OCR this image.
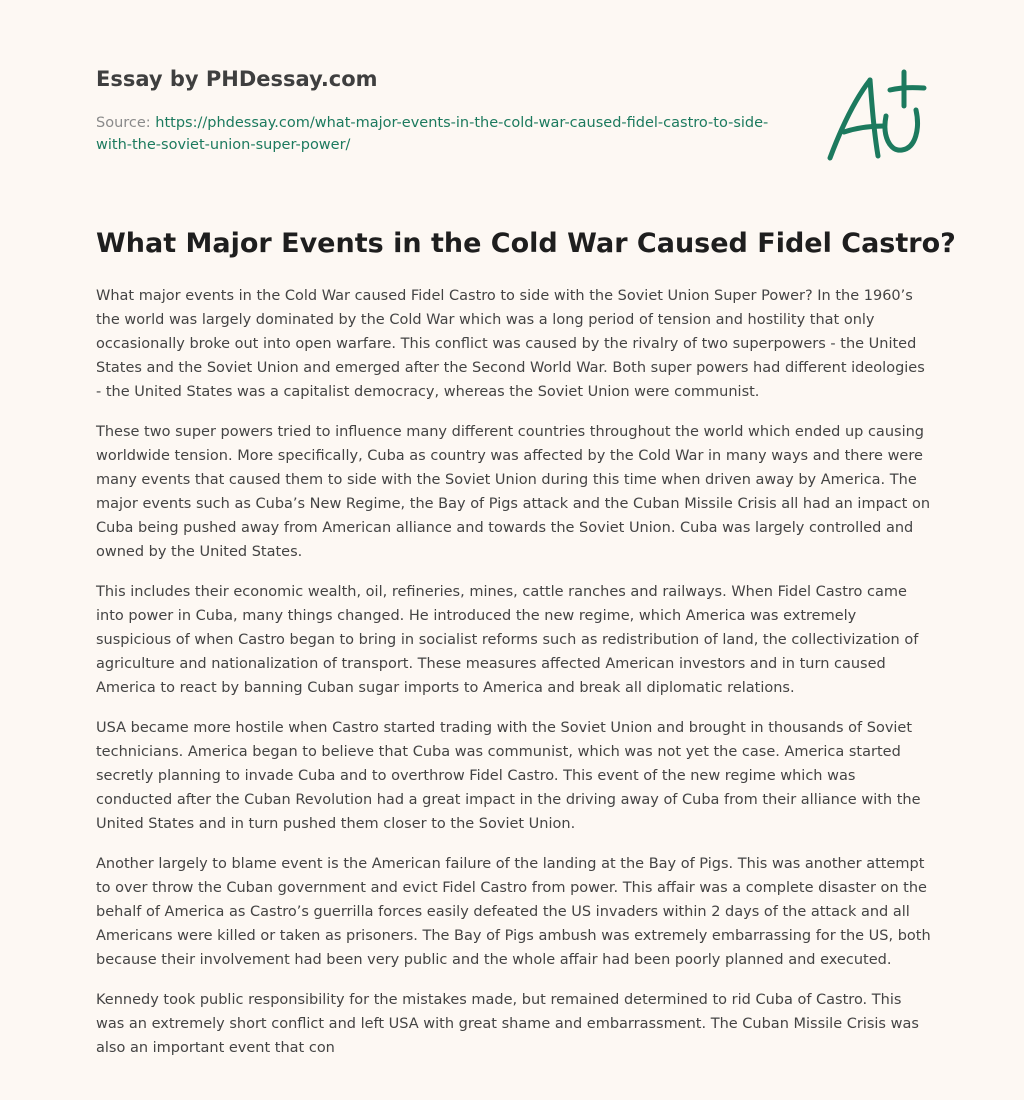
Essay by PHDessay.com
Source: https://phdessay.com/what-major-events-in-the-cold-war-caused-fidel-castro-to-side-with-the-soviet-union-super-power/
What Major Events in the Cold War Caused Fidel Castro?

What major events in the Cold War caused Fidel Castro to side with the Soviet Union Super Power? In the 1960’s the world was largely dominated by the Cold War which was a long period of tension and hostility that only occasionally broke out into open warfare. This conflict was caused by the rivalry of two superpowers - the United States and the Soviet Union and emerged after the Second World War. Both super powers had different ideologies - the United States was a capitalist democracy, whereas the Soviet Union were communist.

These two super powers tried to influence many different countries throughout the world which ended up causing worldwide tension. More specifically, Cuba as country was affected by the Cold War in many ways and there were many events that caused them to side with the Soviet Union during this time when driven away by America. The major events such as Cuba’s New Regime, the Bay of Pigs attack and the Cuban Missile Crisis all had an impact on Cuba being pushed away from American alliance and towards the Soviet Union. Cuba was largely controlled and owned by the United States.

This includes their economic wealth, oil, refineries, mines, cattle ranches and railways. When Fidel Castro came into power in Cuba, many things changed. He introduced the new regime, which America was extremely suspicious of when Castro began to bring in socialist reforms such as redistribution of land, the collectivization of agriculture and nationalization of transport. These measures affected American investors and in turn caused America to react by banning Cuban sugar imports to America and break all diplomatic relations.

USA became more hostile when Castro started trading with the Soviet Union and brought in thousands of Soviet technicians. America began to believe that Cuba was communist, which was not yet the case. America started secretly planning to invade Cuba and to overthrow Fidel Castro. This event of the new regime which was conducted after the Cuban Revolution had a great impact in the driving away of Cuba from their alliance with the United States and in turn pushed them closer to the Soviet Union.

Another largely to blame event is the American failure of the landing at the Bay of Pigs. This was another attempt to over throw the Cuban government and evict Fidel Castro from power. This affair was a complete disaster on the behalf of America as Castro’s guerrilla forces easily defeated the US invaders within 2 days of the attack and all Americans were killed or taken as prisoners. The Bay of Pigs ambush was extremely embarrassing for the US, both because their involvement had been very public and the whole affair had been poorly planned and executed.

Kennedy took public responsibility for the mistakes made, but remained determined to rid Cuba of Castro. This was an extremely short conflict and left USA with great shame and embarrassment. The Cuban Missile Crisis was also an important event that con
